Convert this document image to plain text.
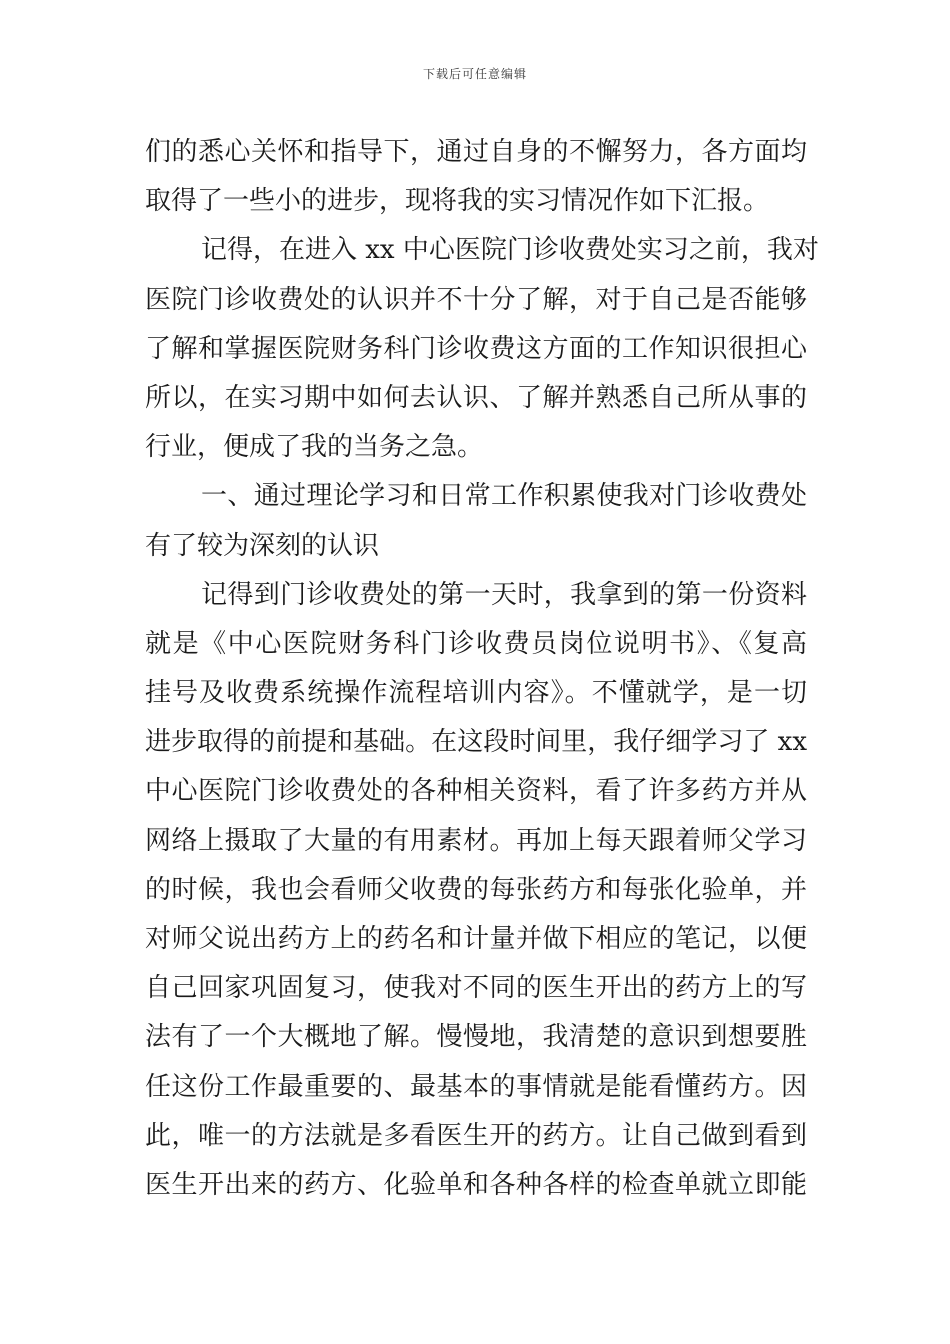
下载后可任意编辑
们的悉心关怀和指导下，通过自身的不懈努力，各方面均
取得了一些小的进步，现将我的实习情况作如下汇报。
记得，在进入 xx 中心医院门诊收费处实习之前，我对
医院门诊收费处的认识并不十分了解，对于自己是否能够
了解和掌握医院财务科门诊收费这方面的工作知识很担心
所以，在实习期中如何去认识、了解并熟悉自己所从事的
行业，便成了我的当务之急。
一、通过理论学习和日常工作积累使我对门诊收费处
有了较为深刻的认识
记得到门诊收费处的第一天时，我拿到的第一份资料
就是《中心医院财务科门诊收费员岗位说明书》、《复高
挂号及收费系统操作流程培训内容》。不懂就学，是一切
进步取得的前提和基础。在这段时间里，我仔细学习了 xx
中心医院门诊收费处的各种相关资料，看了许多药方并从
网络上摄取了大量的有用素材。再加上每天跟着师父学习
的时候，我也会看师父收费的每张药方和每张化验单，并
对师父说出药方上的药名和计量并做下相应的笔记，以便
自己回家巩固复习，使我对不同的医生开出的药方上的写
法有了一个大概地了解。慢慢地，我清楚的意识到想要胜
任这份工作最重要的、最基本的事情就是能看懂药方。因
此，唯一的方法就是多看医生开的药方。让自己做到看到
医生开出来的药方、化验单和各种各样的检查单就立即能
